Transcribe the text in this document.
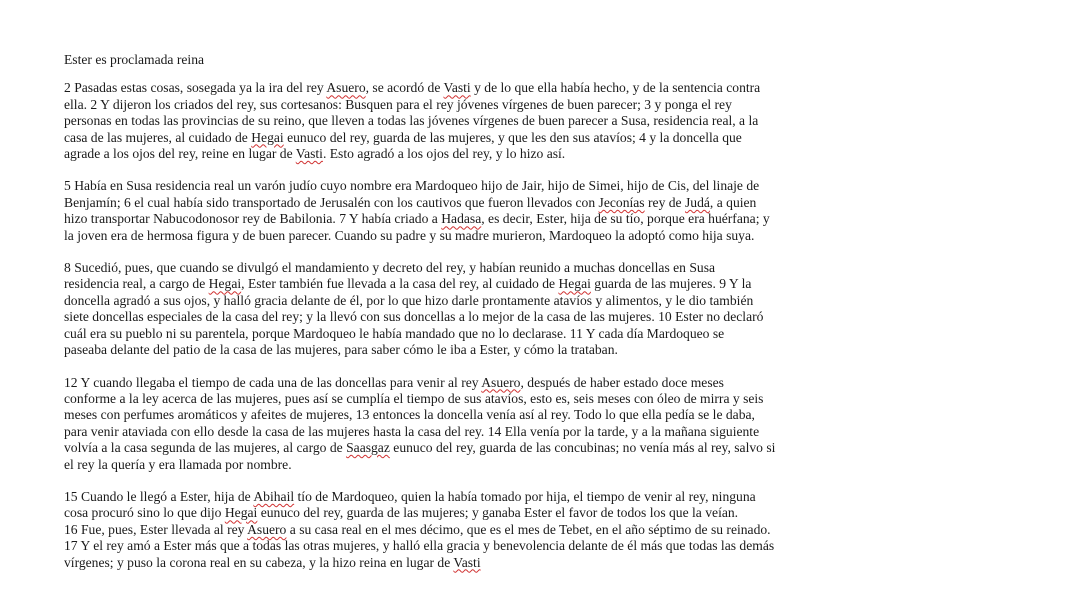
Ester es proclamada reina
2 Pasadas estas cosas, sosegada ya la ira del rey Asuero, se acordó de Vasti y de lo que ella había hecho, y de la sentencia contra
ella. 2 Y dijeron los criados del rey, sus cortesanos: Busquen para el rey jóvenes vírgenes de buen parecer; 3 y ponga el rey
personas en todas las provincias de su reino, que lleven a todas las jóvenes vírgenes de buen parecer a Susa, residencia real, a la
casa de las mujeres, al cuidado de Hegai eunuco del rey, guarda de las mujeres, y que les den sus atavíos; 4 y la doncella que
agrade a los ojos del rey, reine en lugar de Vasti. Esto agradó a los ojos del rey, y lo hizo así.
5 Había en Susa residencia real un varón judío cuyo nombre era Mardoqueo hijo de Jair, hijo de Simei, hijo de Cis, del linaje de
Benjamín; 6 el cual había sido transportado de Jerusalén con los cautivos que fueron llevados con Jeconías rey de Judá, a quien
hizo transportar Nabucodonosor rey de Babilonia. 7 Y había criado a Hadasa, es decir, Ester, hija de su tío, porque era huérfana; y
la joven era de hermosa figura y de buen parecer. Cuando su padre y su madre murieron, Mardoqueo la adoptó como hija suya.
8 Sucedió, pues, que cuando se divulgó el mandamiento y decreto del rey, y habían reunido a muchas doncellas en Susa
residencia real, a cargo de Hegai, Ester también fue llevada a la casa del rey, al cuidado de Hegai guarda de las mujeres. 9 Y la
doncella agradó a sus ojos, y halló gracia delante de él, por lo que hizo darle prontamente atavíos y alimentos, y le dio también
siete doncellas especiales de la casa del rey; y la llevó con sus doncellas a lo mejor de la casa de las mujeres. 10 Ester no declaró
cuál era su pueblo ni su parentela, porque Mardoqueo le había mandado que no lo declarase. 11 Y cada día Mardoqueo se
paseaba delante del patio de la casa de las mujeres, para saber cómo le iba a Ester, y cómo la trataban.
12 Y cuando llegaba el tiempo de cada una de las doncellas para venir al rey Asuero, después de haber estado doce meses
conforme a la ley acerca de las mujeres, pues así se cumplía el tiempo de sus atavíos, esto es, seis meses con óleo de mirra y seis
meses con perfumes aromáticos y afeites de mujeres, 13 entonces la doncella venía así al rey. Todo lo que ella pedía se le daba,
para venir ataviada con ello desde la casa de las mujeres hasta la casa del rey. 14 Ella venía por la tarde, y a la mañana siguiente
volvía a la casa segunda de las mujeres, al cargo de Saasgaz eunuco del rey, guarda de las concubinas; no venía más al rey, salvo si
el rey la quería y era llamada por nombre.
15 Cuando le llegó a Ester, hija de Abihail tío de Mardoqueo, quien la había tomado por hija, el tiempo de venir al rey, ninguna
cosa procuró sino lo que dijo Hegai eunuco del rey, guarda de las mujeres; y ganaba Ester el favor de todos los que la veían.
16 Fue, pues, Ester llevada al rey Asuero a su casa real en el mes décimo, que es el mes de Tebet, en el año séptimo de su reinado.
17 Y el rey amó a Ester más que a todas las otras mujeres, y halló ella gracia y benevolencia delante de él más que todas las demás
vírgenes; y puso la corona real en su cabeza, y la hizo reina en lugar de Vasti
